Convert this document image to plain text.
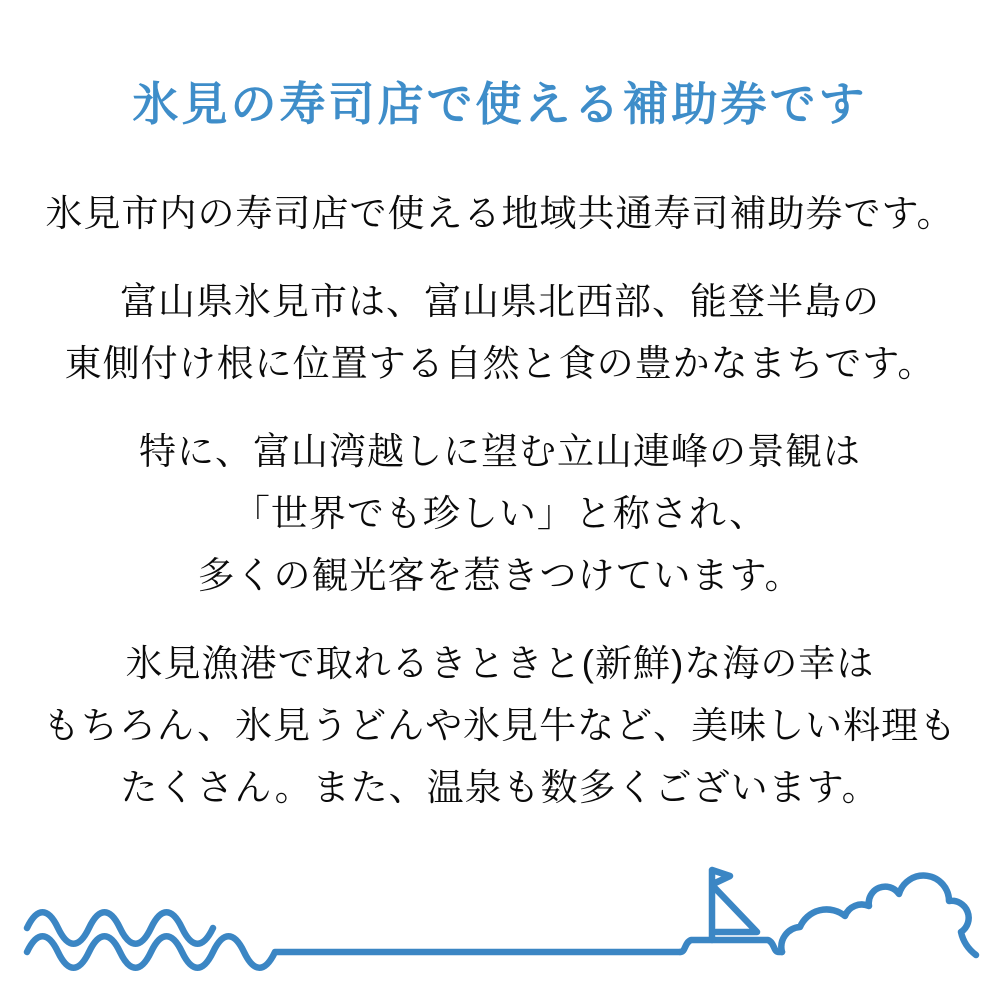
氷見の寿司店で使える補助券です

氷見市内の寿司店で使える地域共通寿司補助券です。

富山県氷見市は、富山県北西部、能登半島の
東側付け根に位置する自然と食の豊かなまちです。

特に、富山湾越しに望む立山連峰の景観は
「世界でも珍しい」と称され、
多くの観光客を惹きつけています。

氷見漁港で取れるきときと(新鮮)な海の幸は
もちろん、氷見うどんや氷見牛など、美味しい料理も
たくさん。また、温泉も数多くございます。
